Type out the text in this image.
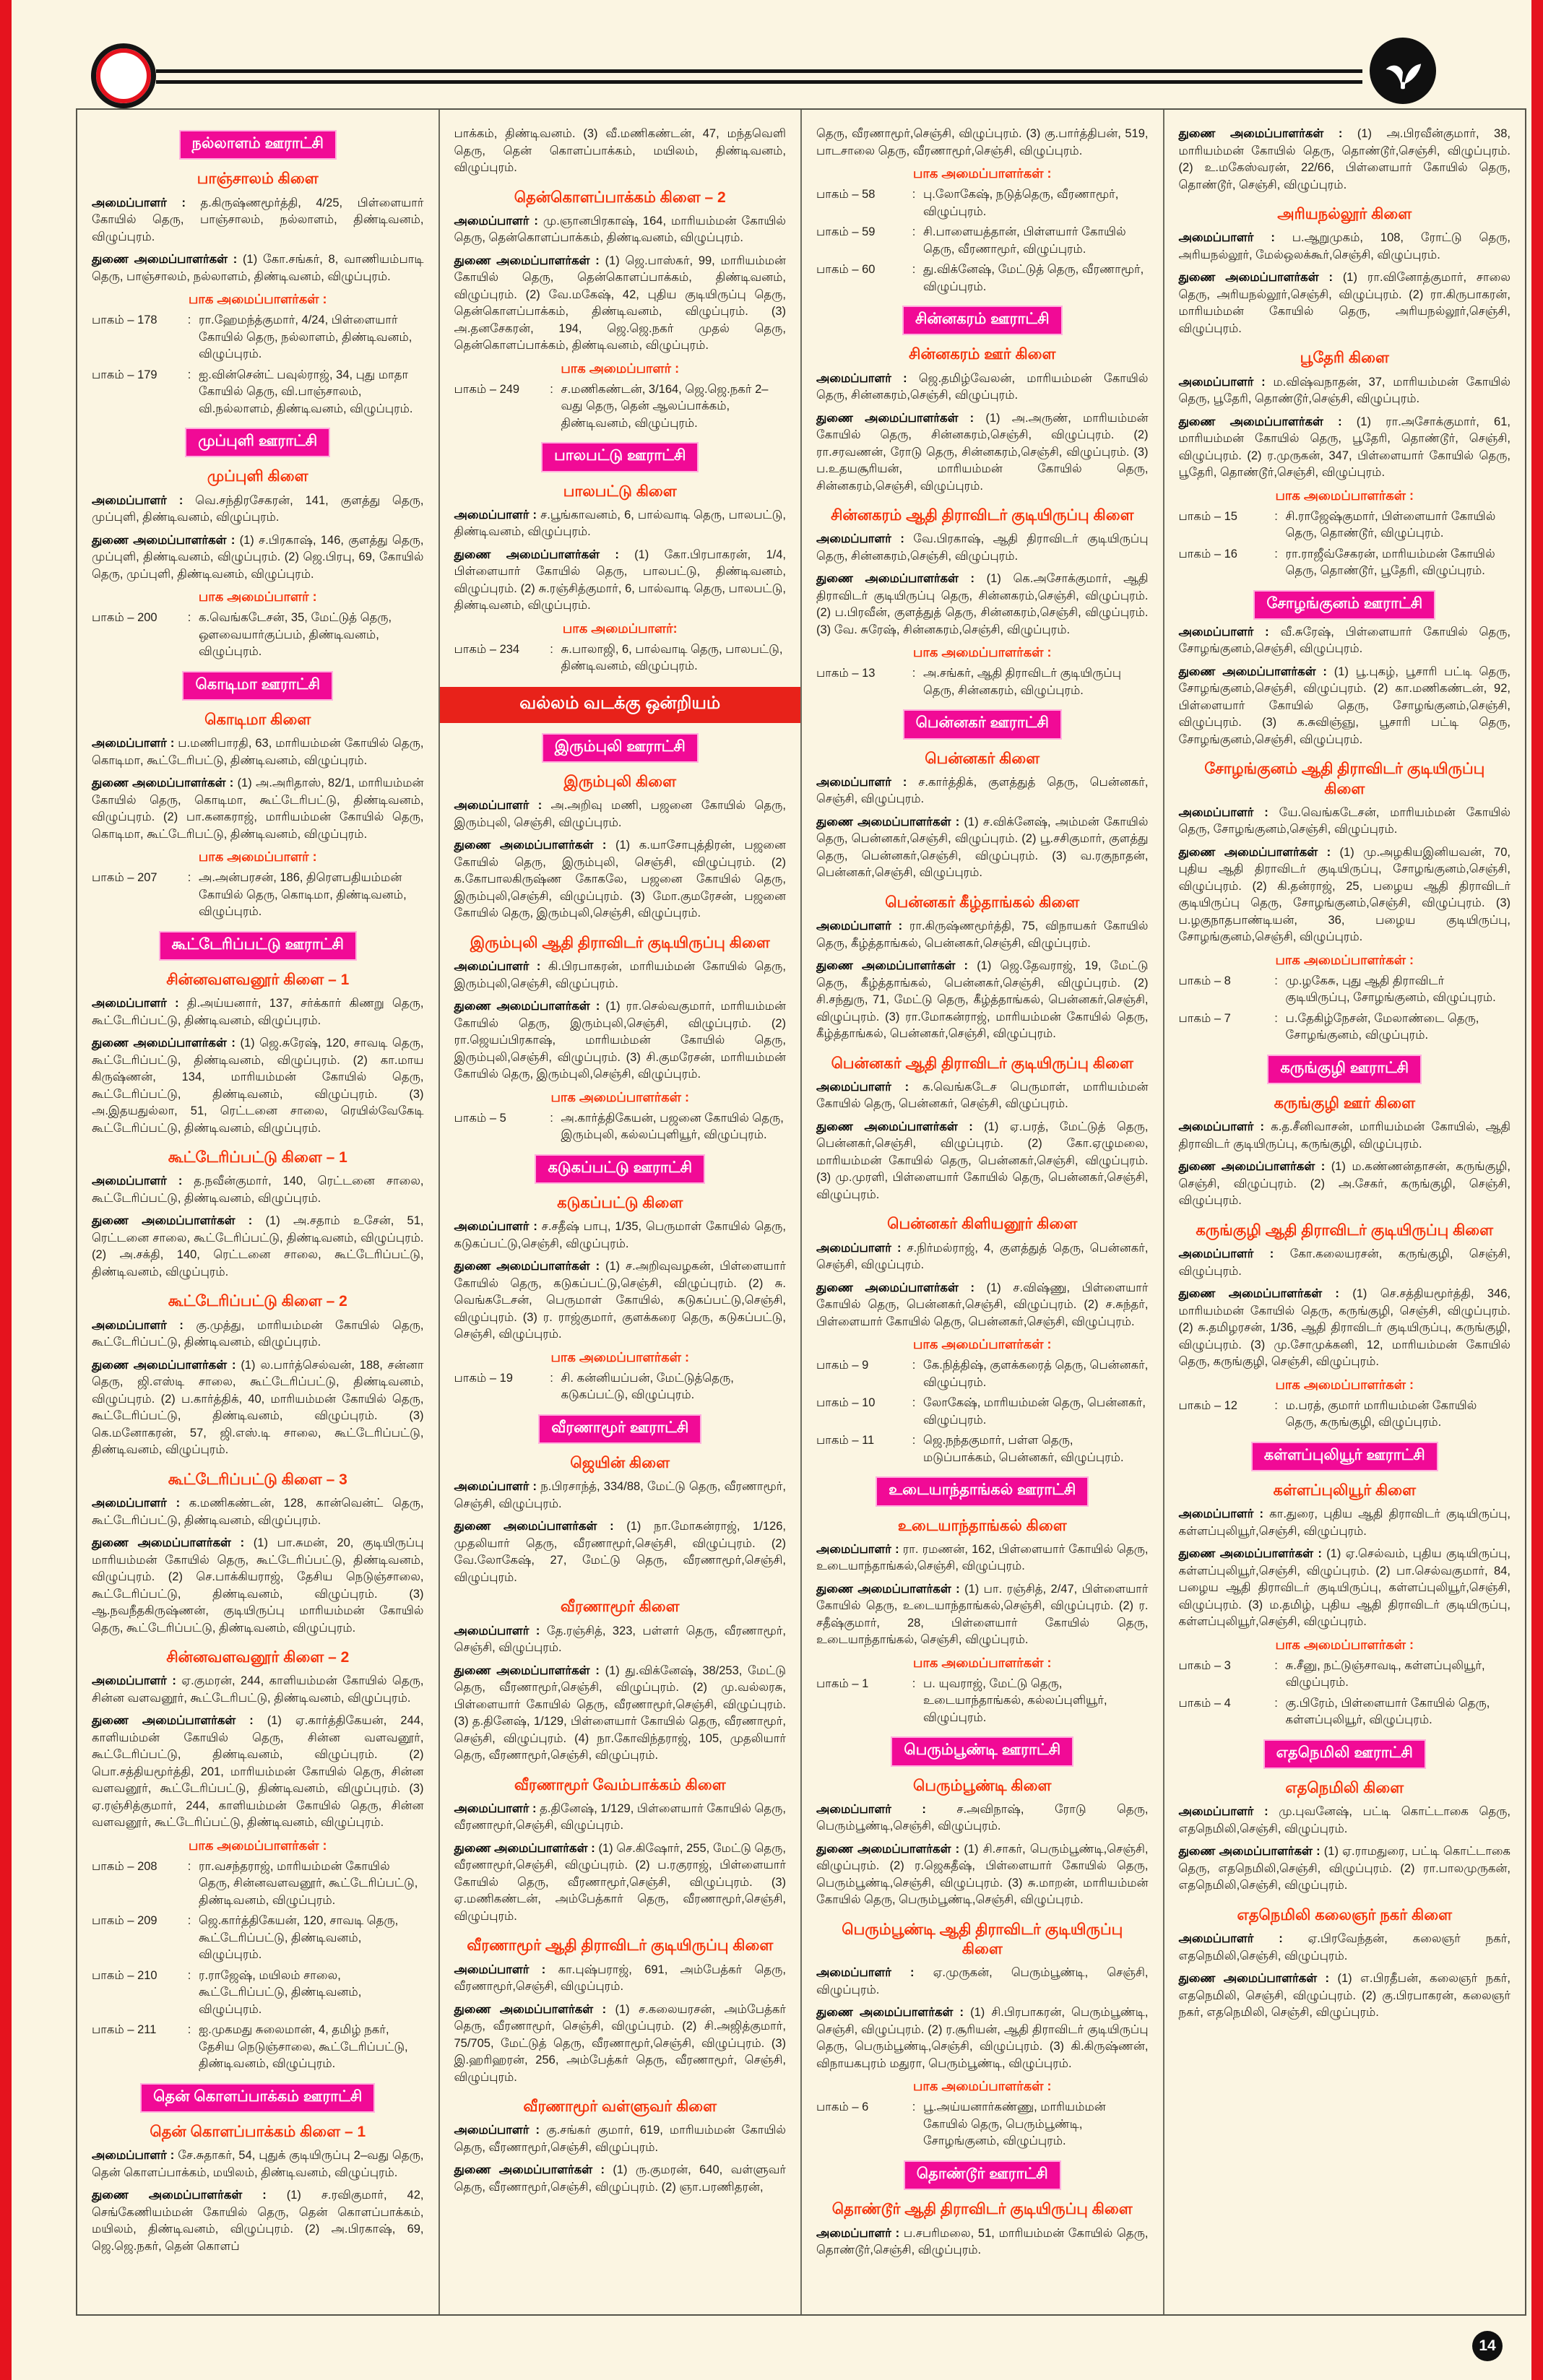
நல்லாளம் ஊராட்சி
பாஞ்சாலம் கிளை
அமைப்பாளர் : த.கிருஷ்ணமூர்த்தி, 4/25, பிள்ளையார் கோயில் தெரு, பாஞ்சாலம், நல்லாளம், திண்டிவனம், விழுப்புரம்.
துணை அமைப்பாளர்கள் : (1) கோ.சங்கர், 8, வாணியம்பாடி தெரு, பாஞ்சாலம், நல்லாளம், திண்டிவனம், விழுப்புரம்.
பாக அமைப்பாளர்கள் :
பாகம் – 178	: ரா.ஹேமந்த்குமார், 4/24, பிள்ளையார் கோயில் தெரு, நல்லாளம், திண்டிவனம், விழுப்புரம்.
பாகம் – 179	: ஐ.வின்சென்ட் பவுல்ராஜ், 34, புது மாதா கோயில் தெரு, வி.பாஞ்சாலம், வி.நல்லாளம், திண்டிவனம், விழுப்புரம்.
முப்புளி ஊராட்சி
முப்புளி கிளை
அமைப்பாளர் : வெ.சந்திரசேகரன், 141, குளத்து தெரு, முப்புளி, திண்டிவனம், விழுப்புரம்.
துணை அமைப்பாளர்கள் : (1) ச.பிரகாஷ், 146, குளத்து தெரு, முப்புளி, திண்டிவனம், விழுப்புரம். (2) ஜெ.பிரபு, 69, கோயில் தெரு, முப்புளி, திண்டிவனம், விழுப்புரம்.
பாக அமைப்பாளர் :
பாகம் – 200	: க.வெங்கடேசன், 35, மேட்டுத் தெரு, ஔவையார்குப்பம், திண்டிவனம், விழுப்புரம்.
கொடிமா ஊராட்சி
கொடிமா கிளை
அமைப்பாளர் : ப.மணிபாரதி, 63, மாரியம்மன் கோயில் தெரு, கொடிமா, கூட்டேரிபட்டு, திண்டிவனம், விழுப்புரம்.
துணை அமைப்பாளர்கள் : (1) அ.அரிதாஸ், 82/1, மாரியம்மன் கோயில் தெரு, கொடிமா, கூட்டேரிபட்டு, திண்டிவனம், விழுப்புரம். (2) பா.கனகராஜ், மாரியம்மன் கோயில் தெரு, கொடிமா, கூட்டேரிபட்டு, திண்டிவனம், விழுப்புரம்.
பாக அமைப்பாளர் :
பாகம் – 207	: அ.அன்பரசன், 186, திரௌபதியம்மன் கோயில் தெரு, கொடிமா, திண்டிவனம், விழுப்புரம்.
கூட்டேரிப்பட்டு ஊராட்சி
சின்னவளவனூர் கிளை – 1
அமைப்பாளர் : தி.அய்யனார், 137, சர்க்கார் கிணறு தெரு, கூட்டேரிப்பட்டு, திண்டிவனம், விழுப்புரம்.
துணை அமைப்பாளர்கள் : (1) ஜெ.சுரேஷ், 120, சாவடி தெரு, கூட்டேரிப்பட்டு, திண்டிவனம், விழுப்புரம். (2) கா.மாய கிருஷ்ணன், 134, மாரியம்மன் கோயில் தெரு, கூட்டேரிப்பட்டு, திண்டிவனம், விழுப்புரம். (3) அ.இதயதுல்லா, 51, ரெட்டனை சாலை, ரெயில்வேகேடி கூட்டேரிப்பட்டு, திண்டிவனம், விழுப்புரம்.
கூட்டேரிப்பட்டு கிளை – 1
அமைப்பாளர் : த.நவீன்குமார், 140, ரெட்டனை சாலை, கூட்டேரிப்பட்டு, திண்டிவனம், விழுப்புரம்.
துணை அமைப்பாளர்கள் : (1) அ.சதாம் உசேன், 51, ரெட்டனை சாலை, கூட்டேரிப்பட்டு, திண்டிவனம், விழுப்புரம். (2) அ.சக்தி, 140, ரெட்டனை சாலை, கூட்டேரிப்பட்டு, திண்டிவனம், விழுப்புரம்.
கூட்டேரிப்பட்டு கிளை – 2
அமைப்பாளர் : கு.முத்து, மாரியம்மன் கோயில் தெரு, கூட்டேரிப்பட்டு, திண்டிவனம், விழுப்புரம்.
துணை அமைப்பாளர்கள் : (1) ல.பார்த்செல்வன், 188, சன்னா தெரு, ஜி.எஸ்டி சாலை, கூட்டேரிப்பட்டு, திண்டிவனம், விழுப்புரம். (2) ப.கார்த்திக், 40, மாரியம்மன் கோயில் தெரு, கூட்டேரிப்பட்டு, திண்டிவனம், விழுப்புரம். (3) கெ.மனோகரன், 57, ஜி.எஸ்.டி சாலை, கூட்டேரிப்பட்டு, திண்டிவனம், விழுப்புரம்.
கூட்டேரிப்பட்டு கிளை – 3
அமைப்பாளர் : க.மணிகண்டன், 128, கான்வென்ட் தெரு, கூட்டேரிப்பட்டு, திண்டிவனம், விழுப்புரம்.
துணை அமைப்பாளர்கள் : (1) பா.சுமன், 20, குடியிருப்பு மாரியம்மன் கோயில் தெரு, கூட்டேரிப்பட்டு, திண்டிவனம், விழுப்புரம். (2) செ.பாக்கியராஜ், தேசிய நெடுஞ்சாலை, கூட்டேரிப்பட்டு, திண்டிவனம், விழுப்புரம். (3) ஆ.நவநீதகிருஷ்ணன், குடியிருப்பு மாரியம்மன் கோயில் தெரு, கூட்டேரிப்பட்டு, திண்டிவனம், விழுப்புரம்.
சின்னவளவனூர் கிளை – 2
அமைப்பாளர் : ஏ.குமரன், 244, காளியம்மன் கோயில் தெரு, சின்ன வளவனூர், கூட்டேரிபட்டு, திண்டிவனம், விழுப்புரம்.
துணை அமைப்பாளர்கள் : (1) ஏ.கார்த்திகேயன், 244, காளியம்மன் கோயில் தெரு, சின்ன வளவனூர், கூட்டேரிப்பட்டு, திண்டிவனம், விழுப்புரம். (2) பொ.சத்தியமூர்த்தி, 201, மாரியம்மன் கோயில் தெரு, சின்ன வளவனூர், கூட்டேரிப்பட்டு, திண்டிவனம், விழுப்புரம். (3) ஏ.ரஞ்சித்குமார், 244, காளியம்மன் கோயில் தெரு, சின்ன வளவனூர், கூட்டேரிப்பட்டு, திண்டிவனம், விழுப்புரம்.
பாக அமைப்பாளர்கள் :
பாகம் – 208	: ரா.வசந்தராஜ், மாரியம்மன் கோயில் தெரு, சின்னவளவனூர், கூட்டேரிப்பட்டு, திண்டிவனம், விழுப்புரம்.
பாகம் – 209	: ஜெ.கார்த்திகேயன், 120, சாவடி தெரு, கூட்டேரிப்பட்டு, திண்டிவனம், விழுப்புரம்.
பாகம் – 210	: ர.ராஜேஷ், மயிலம் சாலை, கூட்டேரிப்பட்டு, திண்டிவனம், விழுப்புரம்.
பாகம் – 211	: ஐ.முகமது சுலைமான், 4, தமிழ் நகர், தேசிய நெடுஞ்சாலை, கூட்டேரிப்பட்டு, திண்டிவனம், விழுப்புரம்.
தென் கொளப்பாக்கம் ஊராட்சி
தென் கொளப்பாக்கம் கிளை – 1
அமைப்பாளர் : சே.சுதாகர், 54, புதுக் குடியிருப்பு 2–வது தெரு, தென் கொளப்பாக்கம், மயிலம், திண்டிவனம், விழுப்புரம்.
துணை அமைப்பாளர்கள் : (1) ச.ரவிகுமார், 42, செங்கேணியம்மன் கோயில் தெரு, தென் கொளப்பாக்கம், மயிலம், திண்டிவனம், விழுப்புரம். (2) அ.பிரகாஷ், 69, ஜெ.ஜெ.நகர், தென் கொளப்
பாக்கம், திண்டிவனம். (3) வீ.மணிகண்டன், 47, மந்தவெளி தெரு, தென் கொளப்பாக்கம், மயிலம், திண்டிவனம், விழுப்புரம்.
தென்கொளப்பாக்கம் கிளை – 2
அமைப்பாளர் : மு.ஞானபிரகாஷ், 164, மாரியம்மன் கோயில் தெரு, தென்கொளப்பாக்கம், திண்டிவனம், விழுப்புரம்.
துணை அமைப்பாளர்கள் : (1) ஜெ.பாஸ்கர், 99, மாரியம்மன் கோயில் தெரு, தென்கொளப்பாக்கம், திண்டிவனம், விழுப்புரம். (2) வே.மகேஷ், 42, புதிய குடியிருப்பு தெரு, தென்கொளப்பாக்கம், திண்டிவனம், விழுப்புரம். (3) அ.தனசேகரன், 194, ஜெ.ஜெ.நகர் முதல் தெரு, தென்கொளப்பாக்கம், திண்டிவனம், விழுப்புரம்.
பாக அமைப்பாளர் :
பாகம் – 249	: ச.மணிகண்டன், 3/164, ஜெ.ஜெ.நகர் 2–வது தெரு, தென் ஆலப்பாக்கம், திண்டிவனம், விழுப்புரம்.
பாலபட்டு ஊராட்சி
பாலபட்டு கிளை
அமைப்பாளர் : ச.பூங்காவனம், 6, பால்வாடி தெரு, பாலபட்டு, திண்டிவனம், விழுப்புரம்.
துணை அமைப்பாளர்கள் : (1) கோ.பிரபாகரன், 1/4, பிள்ளையார் கோயில் தெரு, பாலபட்டு, திண்டிவனம், விழுப்புரம். (2) சு.ரஞ்சித்குமார், 6, பால்வாடி தெரு, பாலபட்டு, திண்டிவனம், விழுப்புரம்.
பாக அமைப்பாளர்:
பாகம் – 234	: சு.பாலாஜி, 6, பால்வாடி தெரு, பாலபட்டு, திண்டிவனம், விழுப்புரம்.
வல்லம் வடக்கு ஒன்றியம்
இரும்புலி ஊராட்சி
இரும்புலி கிளை
அமைப்பாளர் : அ.அறிவு மணி, பஜனை கோயில் தெரு, இரும்புலி, செஞ்சி, விழுப்புரம்.
துணை அமைப்பாளர்கள் : (1) க.யாசோபுத்திரன், பஜனை கோயில் தெரு, இரும்புலி, செஞ்சி, விழுப்புரம். (2) க.கோபாலகிருஷ்ண கோகலே, பஜனை கோயில் தெரு, இரும்புலி,செஞ்சி, விழுப்புரம். (3) மோ.குமரேசன், பஜனை கோயில் தெரு, இரும்புலி,செஞ்சி, விழுப்புரம்.
இரும்புலி ஆதி திராவிடர் குடியிருப்பு கிளை
அமைப்பாளர் : கி.பிரபாகரன், மாரியம்மன் கோயில் தெரு, இரும்புலி,செஞ்சி, விழுப்புரம்.
துணை அமைப்பாளர்கள் : (1) ரா.செல்வகுமார், மாரியம்மன் கோயில் தெரு, இரும்புலி,செஞ்சி, விழுப்புரம். (2) ரா.ஜெயப்பிரகாஷ், மாரியம்மன் கோயில் தெரு, இரும்புலி,செஞ்சி, விழுப்புரம். (3) சி.குமரேசன், மாரியம்மன் கோயில் தெரு, இரும்புலி,செஞ்சி, விழுப்புரம்.
பாக அமைப்பாளர்கள் :
பாகம் – 5	: அ.கார்த்திகேயன், பஜனை கோயில் தெரு, இரும்புலி, கல்லப்புளியூர், விழுப்புரம்.
கடுகப்பட்டு ஊராட்சி
கடுகப்பட்டு கிளை
அமைப்பாளர் : ச.சதீஷ் பாபு, 1/35, பெருமாள் கோயில் தெரு, கடுகப்பட்டு,செஞ்சி, விழுப்புரம்.
துணை அமைப்பாளர்கள் : (1) ச.அறிவுவழகன், பிள்ளையார் கோயில் தெரு, கடுகப்பட்டு,செஞ்சி, விழுப்புரம். (2) சு. வெங்கடேசன், பெருமாள் கோயில், கடுகப்பட்டு,செஞ்சி, விழுப்புரம். (3) ர. ராஜ்குமார், குளக்கரை தெரு, கடுகப்பட்டு, செஞ்சி, விழுப்புரம்.
பாக அமைப்பாளர்கள் :
பாகம் – 19	: சி. கன்னியப்பன், மேட்டுத்தெரு, கடுகப்பட்டு, விழுப்புரம்.
வீரணாமூர் ஊராட்சி
ஜெயின் கிளை
அமைப்பாளர் : ந.பிரசாந்த், 334/88, மேட்டு தெரு, வீரணாமூர், செஞ்சி, விழுப்புரம்.
துணை அமைப்பாளர்கள் : (1) நா.மோகன்ராஜ், 1/126, முதலியார் தெரு, வீரணாமூர்,செஞ்சி, விழுப்புரம். (2) வே.லோகேஷ், 27, மேட்டு தெரு, வீரணாமூர்,செஞ்சி, விழுப்புரம்.
வீரணாமூர் கிளை
அமைப்பாளர் : தே.ரஞ்சித், 323, பள்ளர் தெரு, வீரணாமூர், செஞ்சி, விழுப்புரம்.
துணை அமைப்பாளர்கள் : (1) து.விக்னேஷ், 38/253, மேட்டு தெரு, வீரணாமூர்,செஞ்சி, விழுப்புரம். (2) மு.வல்லரசு, பிள்ளையார் கோயில் தெரு, வீரணாமூர்,செஞ்சி, விழுப்புரம். (3) த.தினேஷ், 1/129, பிள்ளையார் கோயில் தெரு, வீரணாமூர், செஞ்சி, விழுப்புரம். (4) நா.கோவிந்தராஜ், 105, முதலியார் தெரு, வீரணாமூர்,செஞ்சி, விழுப்புரம்.
வீரணாமூர் வேம்பாக்கம் கிளை
அமைப்பாளர் : த.தினேஷ், 1/129, பிள்ளையார் கோயில் தெரு, வீரணாமூர்,செஞ்சி, விழுப்புரம்.
துணை அமைப்பாளர்கள் : (1) செ.கிஷோர், 255, மேட்டு தெரு, வீரணாமூர்,செஞ்சி, விழுப்புரம். (2) ப.ரகுராஜ், பிள்ளையார் கோயில் தெரு, வீரணாமூர்,செஞ்சி, விழுப்புரம். (3) ஏ.மணிகண்டன், அம்பேத்கார் தெரு, வீரணாமூர்,செஞ்சி, விழுப்புரம்.
வீரணாமூர் ஆதி திராவிடர் குடியிருப்பு கிளை
அமைப்பாளர் : கா.புஷ்பராஜ், 691, அம்பேத்கர் தெரு, வீரணாமூர்,செஞ்சி, விழுப்புரம்.
துணை அமைப்பாளர்கள் : (1) ச.கலையரசன், அம்பேத்கர் தெரு, வீரணாமூர், செஞ்சி, விழுப்புரம். (2) சி.அஜித்குமார், 75/705, மேட்டுத் தெரு, வீரணாமூர்,செஞ்சி, விழுப்புரம். (3) இ.ஹரிஹரன், 256, அம்பேத்கர் தெரு, வீரணாமூர், செஞ்சி, விழுப்புரம்.
வீரணாமூர் வள்ளுவர் கிளை
அமைப்பாளர் : கு.சங்கர் குமார், 619, மாரியம்மன் கோயில் தெரு, வீரணாமூர்,செஞ்சி, விழுப்புரம்.
துணை அமைப்பாளர்கள் : (1) ரு.குமரன், 640, வள்ளுவர் தெரு, வீரணாமூர்,செஞ்சி, விழுப்புரம். (2) ஞா.பரணிதரன்,
தெரு, வீரணாமூர்,செஞ்சி, விழுப்புரம். (3) கு.பார்த்திபன், 519, பாடசாலை தெரு, வீரணாமூர்,செஞ்சி, விழுப்புரம்.
பாக அமைப்பாளர்கள் :
பாகம் – 58	: பு.லோகேஷ், நடுத்தெரு, வீரணாமூர், விழுப்புரம்.
பாகம் – 59	: சி.பாளையத்தான், பிள்ளயார் கோயில் தெரு, வீரணாமூர், விழுப்புரம்.
பாகம் – 60	: து.விக்னேஷ், மேட்டுத் தெரு, வீரணாமூர், விழுப்புரம்.
சின்னகரம் ஊராட்சி
சின்னகரம் ஊர் கிளை
அமைப்பாளர் : ஜெ.தமிழ்வேலன், மாரியம்மன் கோயில் தெரு, சின்னகரம்,செஞ்சி, விழுப்புரம்.
துணை அமைப்பாளர்கள் : (1) அ.அருண், மாரியம்மன் கோயில் தெரு, சின்னகரம்,செஞ்சி, விழுப்புரம். (2) ரா.சரவணன், ரோடு தெரு, சின்னகரம்,செஞ்சி, விழுப்புரம். (3) ப.உதயசூரியன், மாரியம்மன் கோயில் தெரு, சின்னகரம்,செஞ்சி, விழுப்புரம்.
சின்னகரம் ஆதி திராவிடர் குடியிருப்பு கிளை
அமைப்பாளர் : வே.பிரகாஷ், ஆதி திராவிடர் குடியிருப்பு தெரு, சின்னகரம்,செஞ்சி, விழுப்புரம்.
துணை அமைப்பாளர்கள் : (1) கெ.அசோக்குமார், ஆதி திராவிடர் குடியிருப்பு தெரு, சின்னகரம்,செஞ்சி, விழுப்புரம். (2) ப.பிரவீன், குளத்துத் தெரு, சின்னகரம்,செஞ்சி, விழுப்புரம். (3) வே. சுரேஷ், சின்னகரம்,செஞ்சி, விழுப்புரம்.
பாக அமைப்பாளர்கள் :
பாகம் – 13	: அ.சங்கர், ஆதி திராவிடர் குடியிருப்பு தெரு, சின்னகரம், விழுப்புரம்.
பென்னகர் ஊராட்சி
பென்னகர் கிளை
அமைப்பாளர் : ச.கார்த்திக், குளத்துத் தெரு, பென்னகர், செஞ்சி, விழுப்புரம்.
துணை அமைப்பாளர்கள் : (1) ச.விக்னேஷ், அம்மன் கோயில் தெரு, பென்னகர்,செஞ்சி, விழுப்புரம். (2) பூ.சசிகுமார், குளத்து தெரு, பென்னகர்,செஞ்சி, விழுப்புரம். (3) வ.ரகுநாதன், பென்னகர்,செஞ்சி, விழுப்புரம்.
பென்னகர் கீழ்தாங்கல் கிளை
அமைப்பாளர் : ரா.கிருஷ்ணமூர்த்தி, 75, விநாயகர் கோயில் தெரு, கீழ்த்தாங்கல், பென்னகர்,செஞ்சி, விழுப்புரம்.
துணை அமைப்பாளர்கள் : (1) ஜெ.தேவராஜ், 19, மேட்டு தெரு, கீழ்த்தாங்கல், பென்னகர்,செஞ்சி, விழுப்புரம். (2) சி.சந்துரு, 71, மேட்டு தெரு, கீழ்த்தாங்கல், பென்னகர்,செஞ்சி, விழுப்புரம். (3) ரா.மோகன்ராஜ், மாரியம்மன் கோயில் தெரு, கீழ்த்தாங்கல், பென்னகர்,செஞ்சி, விழுப்புரம்.
பென்னகர் ஆதி திராவிடர் குடியிருப்பு கிளை
அமைப்பாளர் : க.வெங்கடேச பெருமாள், மாரியம்மன் கோயில் தெரு, பென்னகர், செஞ்சி, விழுப்புரம்.
துணை அமைப்பாளர்கள் : (1) ஏ.பரத், மேட்டுத் தெரு, பென்னகர்,செஞ்சி, விழுப்புரம். (2) கோ.ஏழுமலை, மாரியம்மன் கோயில் தெரு, பென்னகர்,செஞ்சி, விழுப்புரம். (3) மு.முரளி, பிள்ளையார் கோயில் தெரு, பென்னகர்,செஞ்சி, விழுப்புரம்.
பென்னகர் கிளியனூர் கிளை
அமைப்பாளர் : ச.நிர்மல்ராஜ், 4, குளத்துத் தெரு, பென்னகர், செஞ்சி, விழுப்புரம்.
துணை அமைப்பாளர்கள் : (1) ச.விஷ்ணு, பிள்ளையார் கோயில் தெரு, பென்னகர்,செஞ்சி, விழுப்புரம். (2) ச.சுந்தர், பிள்ளையார் கோயில் தெரு, பென்னகர்,செஞ்சி, விழுப்புரம்.
பாக அமைப்பாளர்கள் :
பாகம் – 9	: கே.நித்திஷ், குளக்கரைத் தெரு, பென்னகர், விழுப்புரம்.
பாகம் – 10	: லோகேஷ், மாரியம்மன் தெரு, பென்னகர், விழுப்புரம்.
பாகம் – 11	: ஜெ.நந்தகுமார், பள்ள தெரு, மடுப்பாக்கம், பென்னகர், விழுப்புரம்.
உடையாந்தாங்கல் ஊராட்சி
உடையாந்தாங்கல் கிளை
அமைப்பாளர் : ரா. ரமணன், 162, பிள்ளையார் கோயில் தெரு, உடையாந்தாங்கல்,செஞ்சி, விழுப்புரம்.
துணை அமைப்பாளர்கள் : (1) பா. ரஞ்சித், 2/47, பிள்ளையார் கோயில் தெரு, உடையாந்தாங்கல்,செஞ்சி, விழுப்புரம். (2) ர. சதீஷ்குமார், 28, பிள்ளையார் கோயில் தெரு, உடையாந்தாங்கல், செஞ்சி, விழுப்புரம்.
பாக அமைப்பாளர்கள் :
பாகம் – 1	: ப. யுவராஜ், மேட்டு தெரு, உடையாந்தாங்கல், கல்லப்புளியூர், விழுப்புரம்.
பெரும்பூண்டி ஊராட்சி
பெரும்பூண்டி கிளை
அமைப்பாளர் : ச.அவிநாஷ், ரோடு தெரு, பெரும்பூண்டி,செஞ்சி, விழுப்புரம்.
துணை அமைப்பாளர்கள் : (1) சி.சாகர், பெரும்பூண்டி,செஞ்சி, விழுப்புரம். (2) ர.ஜெகதீஷ், பிள்ளையார் கோயில் தெரு, பெரும்பூண்டி,செஞ்சி, விழுப்புரம். (3) சு.மாறன், மாரியம்மன் கோயில் தெரு, பெரும்பூண்டி,செஞ்சி, விழுப்புரம்.
பெரும்பூண்டி ஆதி திராவிடர் குடியிருப்பு கிளை
அமைப்பாளர் : ஏ.முருகன், பெரும்பூண்டி, செஞ்சி, விழுப்புரம்.
துணை அமைப்பாளர்கள் : (1) சி.பிரபாகரன், பெரும்பூண்டி, செஞ்சி, விழுப்புரம். (2) ர.சூரியன், ஆதி திராவிடர் குடியிருப்பு தெரு, பெரும்பூண்டி,செஞ்சி, விழுப்புரம். (3) கி.கிருஷ்ணன், விநாயகபுரம் மதுரா, பெரும்பூண்டி, விழுப்புரம்.
பாக அமைப்பாளர்கள் :
பாகம் – 6	: பூ.அய்யனார்கண்ணு, மாரியம்மன் கோயில் தெரு, பெரும்பூண்டி, சோழங்குனம், விழுப்புரம்.
தொண்டூர் ஊராட்சி
தொண்டூர் ஆதி திராவிடர் குடியிருப்பு கிளை
அமைப்பாளர் : ப.சபரிமலை, 51, மாரியம்மன் கோயில் தெரு, தொண்டூர்,செஞ்சி, விழுப்புரம்.
துணை அமைப்பாளர்கள் : (1) அ.பிரவீன்குமார், 38, மாரியம்மன் கோயில் தெரு, தொண்டூர்,செஞ்சி, விழுப்புரம். (2) உ.மகேஸ்வரன், 22/66, பிள்ளையார் கோயில் தெரு, தொண்டூர், செஞ்சி, விழுப்புரம்.
அரியநல்லூர் கிளை
அமைப்பாளர் : ப.ஆறுமுகம், 108, ரோட்டு தெரு, அரியநல்லூர், மேல்ஒலக்கூர்,செஞ்சி, விழுப்புரம்.
துணை அமைப்பாளர்கள் : (1) ரா.வினோத்குமார், சாலை தெரு, அரியநல்லூர்,செஞ்சி, விழுப்புரம். (2) ரா.கிருபாகரன், மாரியம்மன் கோயில் தெரு, அரியநல்லூர்,செஞ்சி, விழுப்புரம்.
பூதேரி கிளை
அமைப்பாளர் : ம.விஷ்வநாதன், 37, மாரியம்மன் கோயில் தெரு, பூதேரி, தொண்டூர்,செஞ்சி, விழுப்புரம்.
துணை அமைப்பாளர்கள் : (1) ரா.அசோக்குமார், 61, மாரியம்மன் கோயில் தெரு, பூதேரி, தொண்டூர், செஞ்சி, விழுப்புரம். (2) ர.முருகன், 347, பிள்ளையார் கோயில் தெரு, பூதேரி, தொண்டூர்,செஞ்சி, விழுப்புரம்.
பாக அமைப்பாளர்கள் :
பாகம் – 15	: சி.ராஜேஷ்குமார், பிள்ளையார் கோயில் தெரு, தொண்டூர், விழுப்புரம்.
பாகம் – 16	: ரா.ராஜீவ்சேகரன், மாரியம்மன் கோயில் தெரு, தொண்டூர், பூதேரி, விழுப்புரம்.
சோழங்குனம் ஊராட்சி
அமைப்பாளர் : வீ.சுரேஷ், பிள்ளையார் கோயில் தெரு, சோழங்குனம்,செஞ்சி, விழுப்புரம்.
துணை அமைப்பாளர்கள் : (1) பூ.புகழ், பூசாரி பட்டி தெரு, சோழங்குனம்,செஞ்சி, விழுப்புரம். (2) கா.மணிகண்டன், 92, பிள்ளையார் கோயில் தெரு, சோழங்குனம்,செஞ்சி, விழுப்புரம். (3) க.சுவிஞ்ஞு, பூசாரி பட்டி தெரு, சோழங்குனம்,செஞ்சி, விழுப்புரம்.
சோழங்குனம் ஆதி திராவிடர் குடியிருப்பு கிளை
அமைப்பாளர் : யே.வெங்கடேசன், மாரியம்மன் கோயில் தெரு, சோழங்குனம்,செஞ்சி, விழுப்புரம்.
துணை அமைப்பாளர்கள் : (1) மு.அழகியஇனியவன், 70, புதிய ஆதி திராவிடர் குடியிருப்பு, சோழங்குனம்,செஞ்சி, விழுப்புரம். (2) கி.தன்ராஜ், 25, பழைய ஆதி திராவிடர் குடியிருப்பு தெரு, சோழங்குனம்,செஞ்சி, விழுப்புரம். (3) ப.ழகுநாதபாண்டியன், 36, பழைய குடியிருப்பு, சோழங்குனம்,செஞ்சி, விழுப்புரம்.
பாக அமைப்பாளர்கள் :
பாகம் – 8	: மு.ழகேசு, புது ஆதி திராவிடர் குடியிருப்பு, சோழங்குனம், விழுப்புரம்.
பாகம் – 7	: ப.தேகிழ்நேசன், மேலாண்டை தெரு, சோழங்குனம், விழுப்புரம்.
கருங்குழி ஊராட்சி
கருங்குழி ஊர் கிளை
அமைப்பாளர் : க.த.சீனிவாசன், மாரியம்மன் கோயில், ஆதி திராவிடர் குடியிருப்பு, கருங்குழி, விழுப்புரம்.
துணை அமைப்பாளர்கள் : (1) ம.கண்ணன்தாசன், கருங்குழி, செஞ்சி, விழுப்புரம். (2) அ.சேகர், கருங்குழி, செஞ்சி, விழுப்புரம்.
கருங்குழி ஆதி திராவிடர் குடியிருப்பு கிளை
அமைப்பாளர் : கோ.கலையரசன், கருங்குழி, செஞ்சி, விழுப்புரம்.
துணை அமைப்பாளர்கள் : (1) செ.சத்தியமூர்த்தி, 346, மாரியம்மன் கோயில் தெரு, கருங்குழி, செஞ்சி, விழுப்புரம். (2) சு.தமிழரசன், 1/36, ஆதி திராவிடர் குடியிருப்பு, கருங்குழி, விழுப்புரம். (3) மு.சோமுக்கனி, 12, மாரியம்மன் கோயில் தெரு, கருங்குழி, செஞ்சி, விழுப்புரம்.
பாக அமைப்பாளர்கள் :
பாகம் – 12	: ம.பரத், குமார் மாரியம்மன் கோயில் தெரு, கருங்குழி, விழுப்புரம்.
கள்ளப்புலியூர் ஊராட்சி
கள்ளப்புலியூர் கிளை
அமைப்பாளர் : கா.துரை, புதிய ஆதி திராவிடர் குடியிருப்பு, கள்ளப்புலியூர்,செஞ்சி, விழுப்புரம்.
துணை அமைப்பாளர்கள் : (1) ஏ.செல்வம், புதிய குடியிருப்பு, கள்ளப்புலியூர்,செஞ்சி, விழுப்புரம். (2) பா.செல்வகுமார், 84, பழைய ஆதி திராவிடர் குடியிருப்பு, கள்ளப்புலியூர்,செஞ்சி, விழுப்புரம். (3) ம.தமிழ், புதிய ஆதி திராவிடர் குடியிருப்பு, கள்ளப்புலியூர்,செஞ்சி, விழுப்புரம்.
பாக அமைப்பாளர்கள் :
பாகம் – 3	: சு.சீனு, நட்டுஞ்சாவடி, கள்ளப்புலியூர், விழுப்புரம்.
பாகம் – 4	: கு.பிரேம், பிள்ளையார் கோயில் தெரு, கள்ளப்புலியூர், விழுப்புரம்.
எதநெமிலி ஊராட்சி
எதநெமிலி கிளை
அமைப்பாளர் : மு.புவனேஷ், பட்டி கொட்டாகை தெரு, எதநெமிலி,செஞ்சி, விழுப்புரம்.
துணை அமைப்பாளர்கள் : (1) ஏ.ராமதுரை, பட்டி கொட்டாகை தெரு, எதநெமிலி,செஞ்சி, விழுப்புரம். (2) ரா.பாலமுருகன், எதநெமிலி,செஞ்சி, விழுப்புரம்.
எதநெமிலி கலைஞர் நகர் கிளை
அமைப்பாளர் : ஏ.பிரவேந்தன், கலைஞர் நகர், எதநெமிலி,செஞ்சி, விழுப்புரம்.
துணை அமைப்பாளர்கள் : (1) எ.பிரதீபன், கலைஞர் நகர், எதநெமிலி, செஞ்சி, விழுப்புரம். (2) கு.பிரபாகரன், கலைஞர் நகர், எதநெமிலி, செஞ்சி, விழுப்புரம்.
14
